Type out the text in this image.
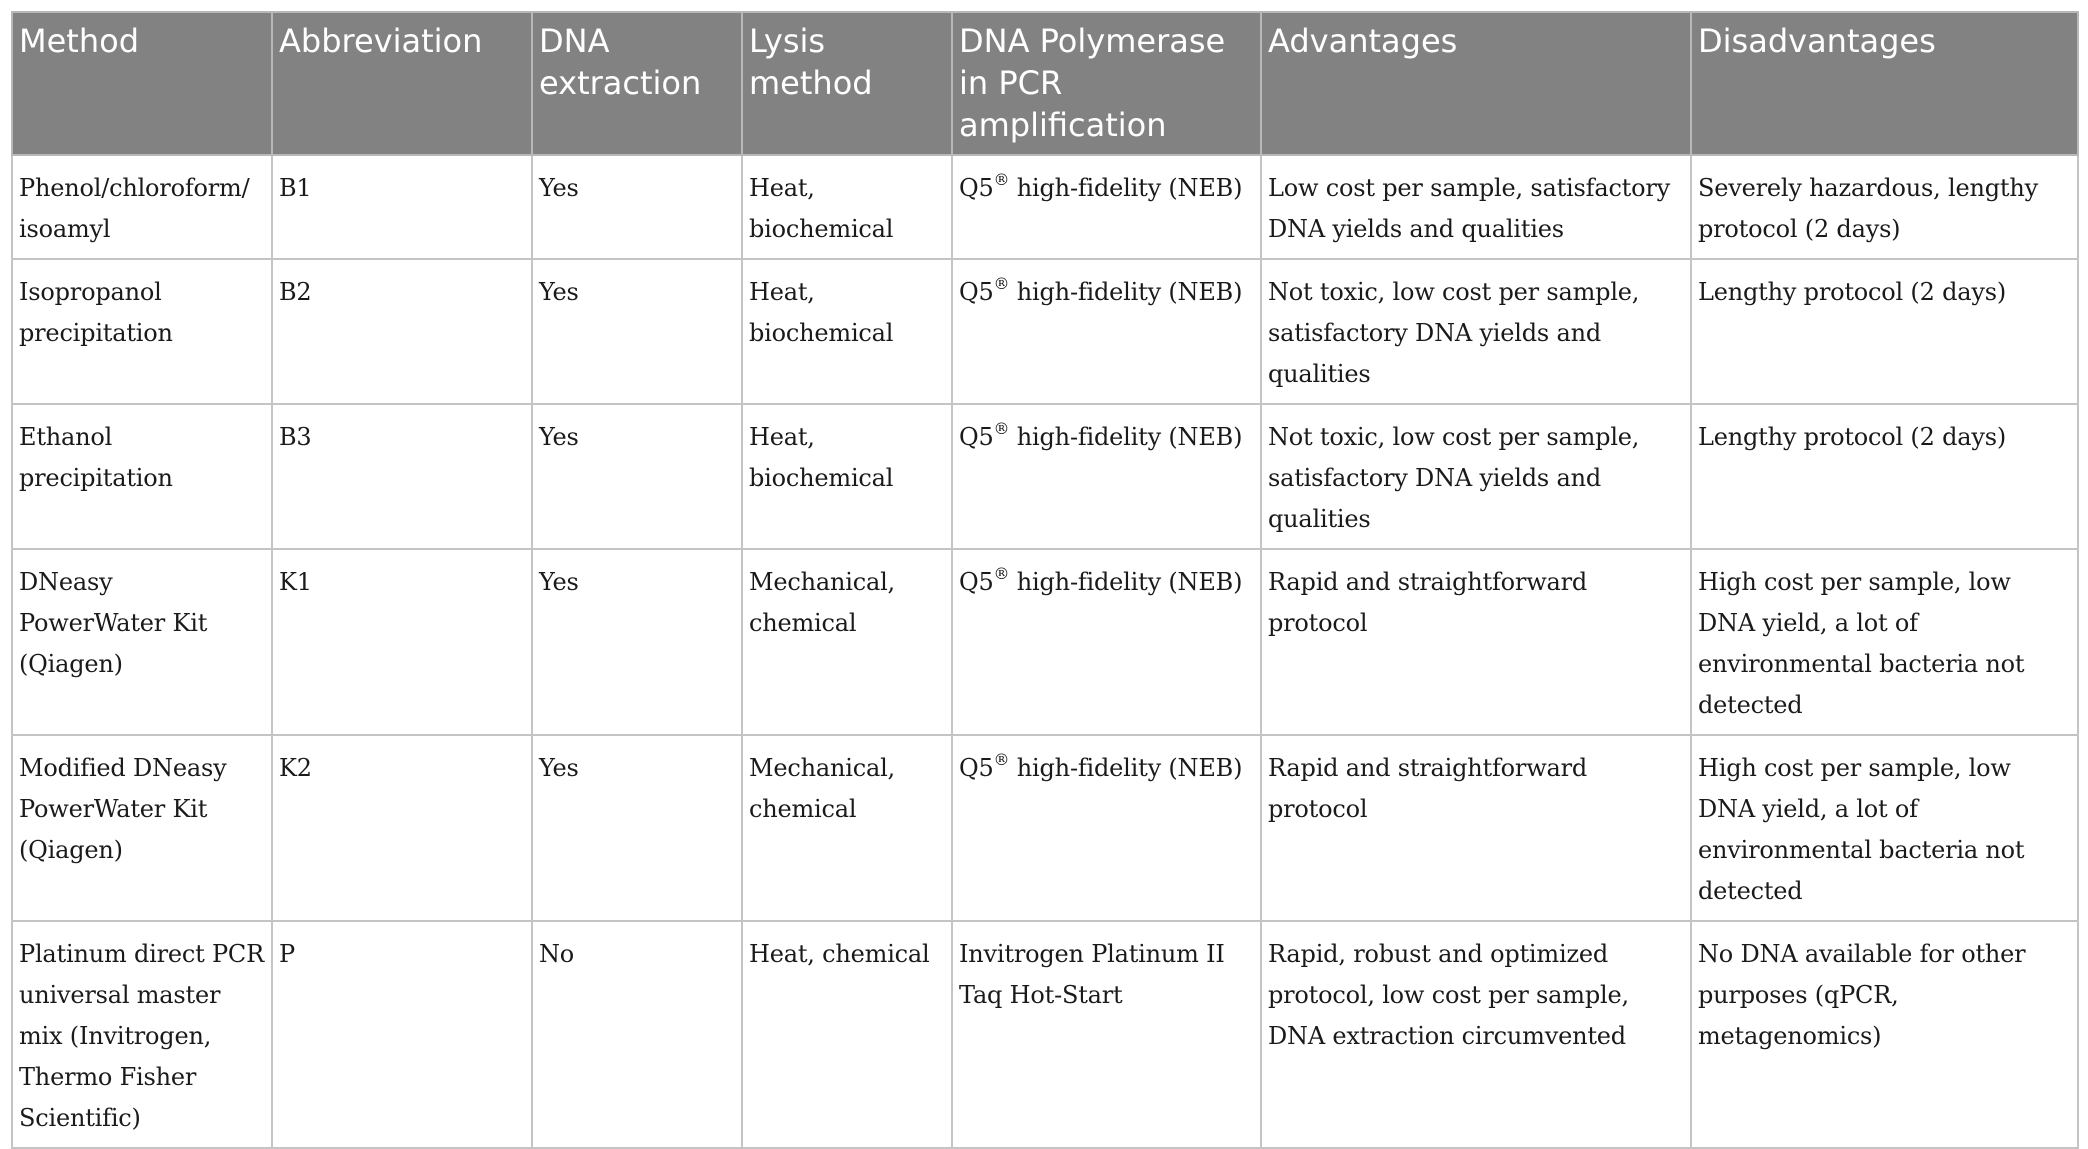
Method	Abbreviation	DNA extraction	Lysis method	DNA Polymerase in PCR amplification	Advantages	Disadvantages
Phenol/chloroform/ isoamyl	B1	Yes	Heat, biochemical	Q5® high-fidelity (NEB)	Low cost per sample, satisfactory DNA yields and qualities	Severely hazardous, lengthy protocol (2 days)
Isopropanol precipitation	B2	Yes	Heat, biochemical	Q5® high-fidelity (NEB)	Not toxic, low cost per sample, satisfactory DNA yields and qualities	Lengthy protocol (2 days)
Ethanol precipitation	B3	Yes	Heat, biochemical	Q5® high-fidelity (NEB)	Not toxic, low cost per sample, satisfactory DNA yields and qualities	Lengthy protocol (2 days)
DNeasy PowerWater Kit (Qiagen)	K1	Yes	Mechanical, chemical	Q5® high-fidelity (NEB)	Rapid and straightforward protocol	High cost per sample, low DNA yield, a lot of environmental bacteria not detected
Modified DNeasy PowerWater Kit (Qiagen)	K2	Yes	Mechanical, chemical	Q5® high-fidelity (NEB)	Rapid and straightforward protocol	High cost per sample, low DNA yield, a lot of environmental bacteria not detected
Platinum direct PCR universal master mix (Invitrogen, Thermo Fisher Scientific)	P	No	Heat, chemical	Invitrogen Platinum II Taq Hot-Start	Rapid, robust and optimized protocol, low cost per sample, DNA extraction circumvented	No DNA available for other purposes (qPCR, metagenomics)
